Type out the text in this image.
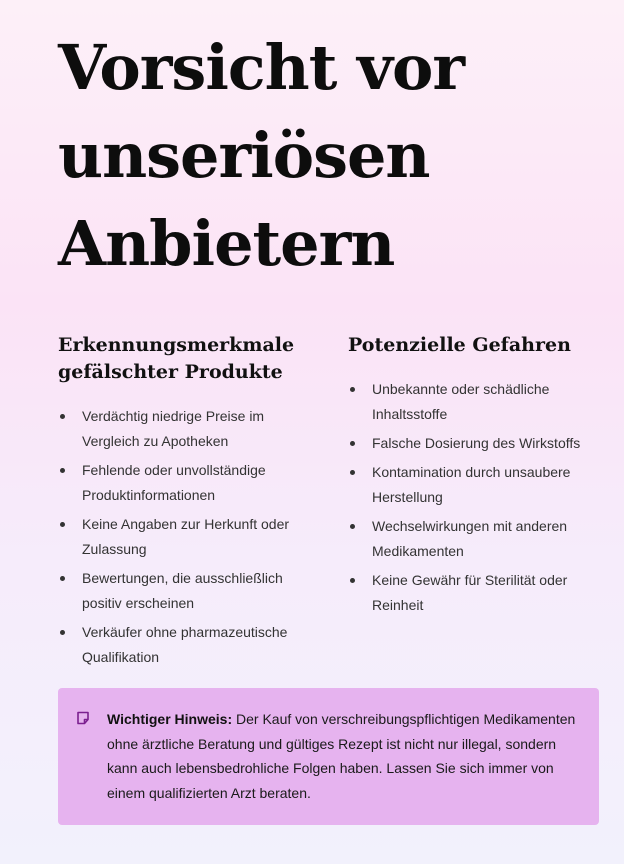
Vorsicht vor unseriösen Anbietern
Erkennungsmerkmale gefälschter Produkte
Verdächtig niedrige Preise im Vergleich zu Apotheken
Fehlende oder unvollständige Produktinformationen
Keine Angaben zur Herkunft oder Zulassung
Bewertungen, die ausschließlich positiv erscheinen
Verkäufer ohne pharmazeutische Qualifikation
Potenzielle Gefahren
Unbekannte oder schädliche Inhaltsstoffe
Falsche Dosierung des Wirkstoffs
Kontamination durch unsaubere Herstellung
Wechselwirkungen mit anderen Medikamenten
Keine Gewähr für Sterilität oder Reinheit

Wichtiger Hinweis: Der Kauf von verschreibungspflichtigen Medikamenten ohne ärztliche Beratung und gültiges Rezept ist nicht nur illegal, sondern kann auch lebensbedrohliche Folgen haben. Lassen Sie sich immer von einem qualifizierten Arzt beraten.
